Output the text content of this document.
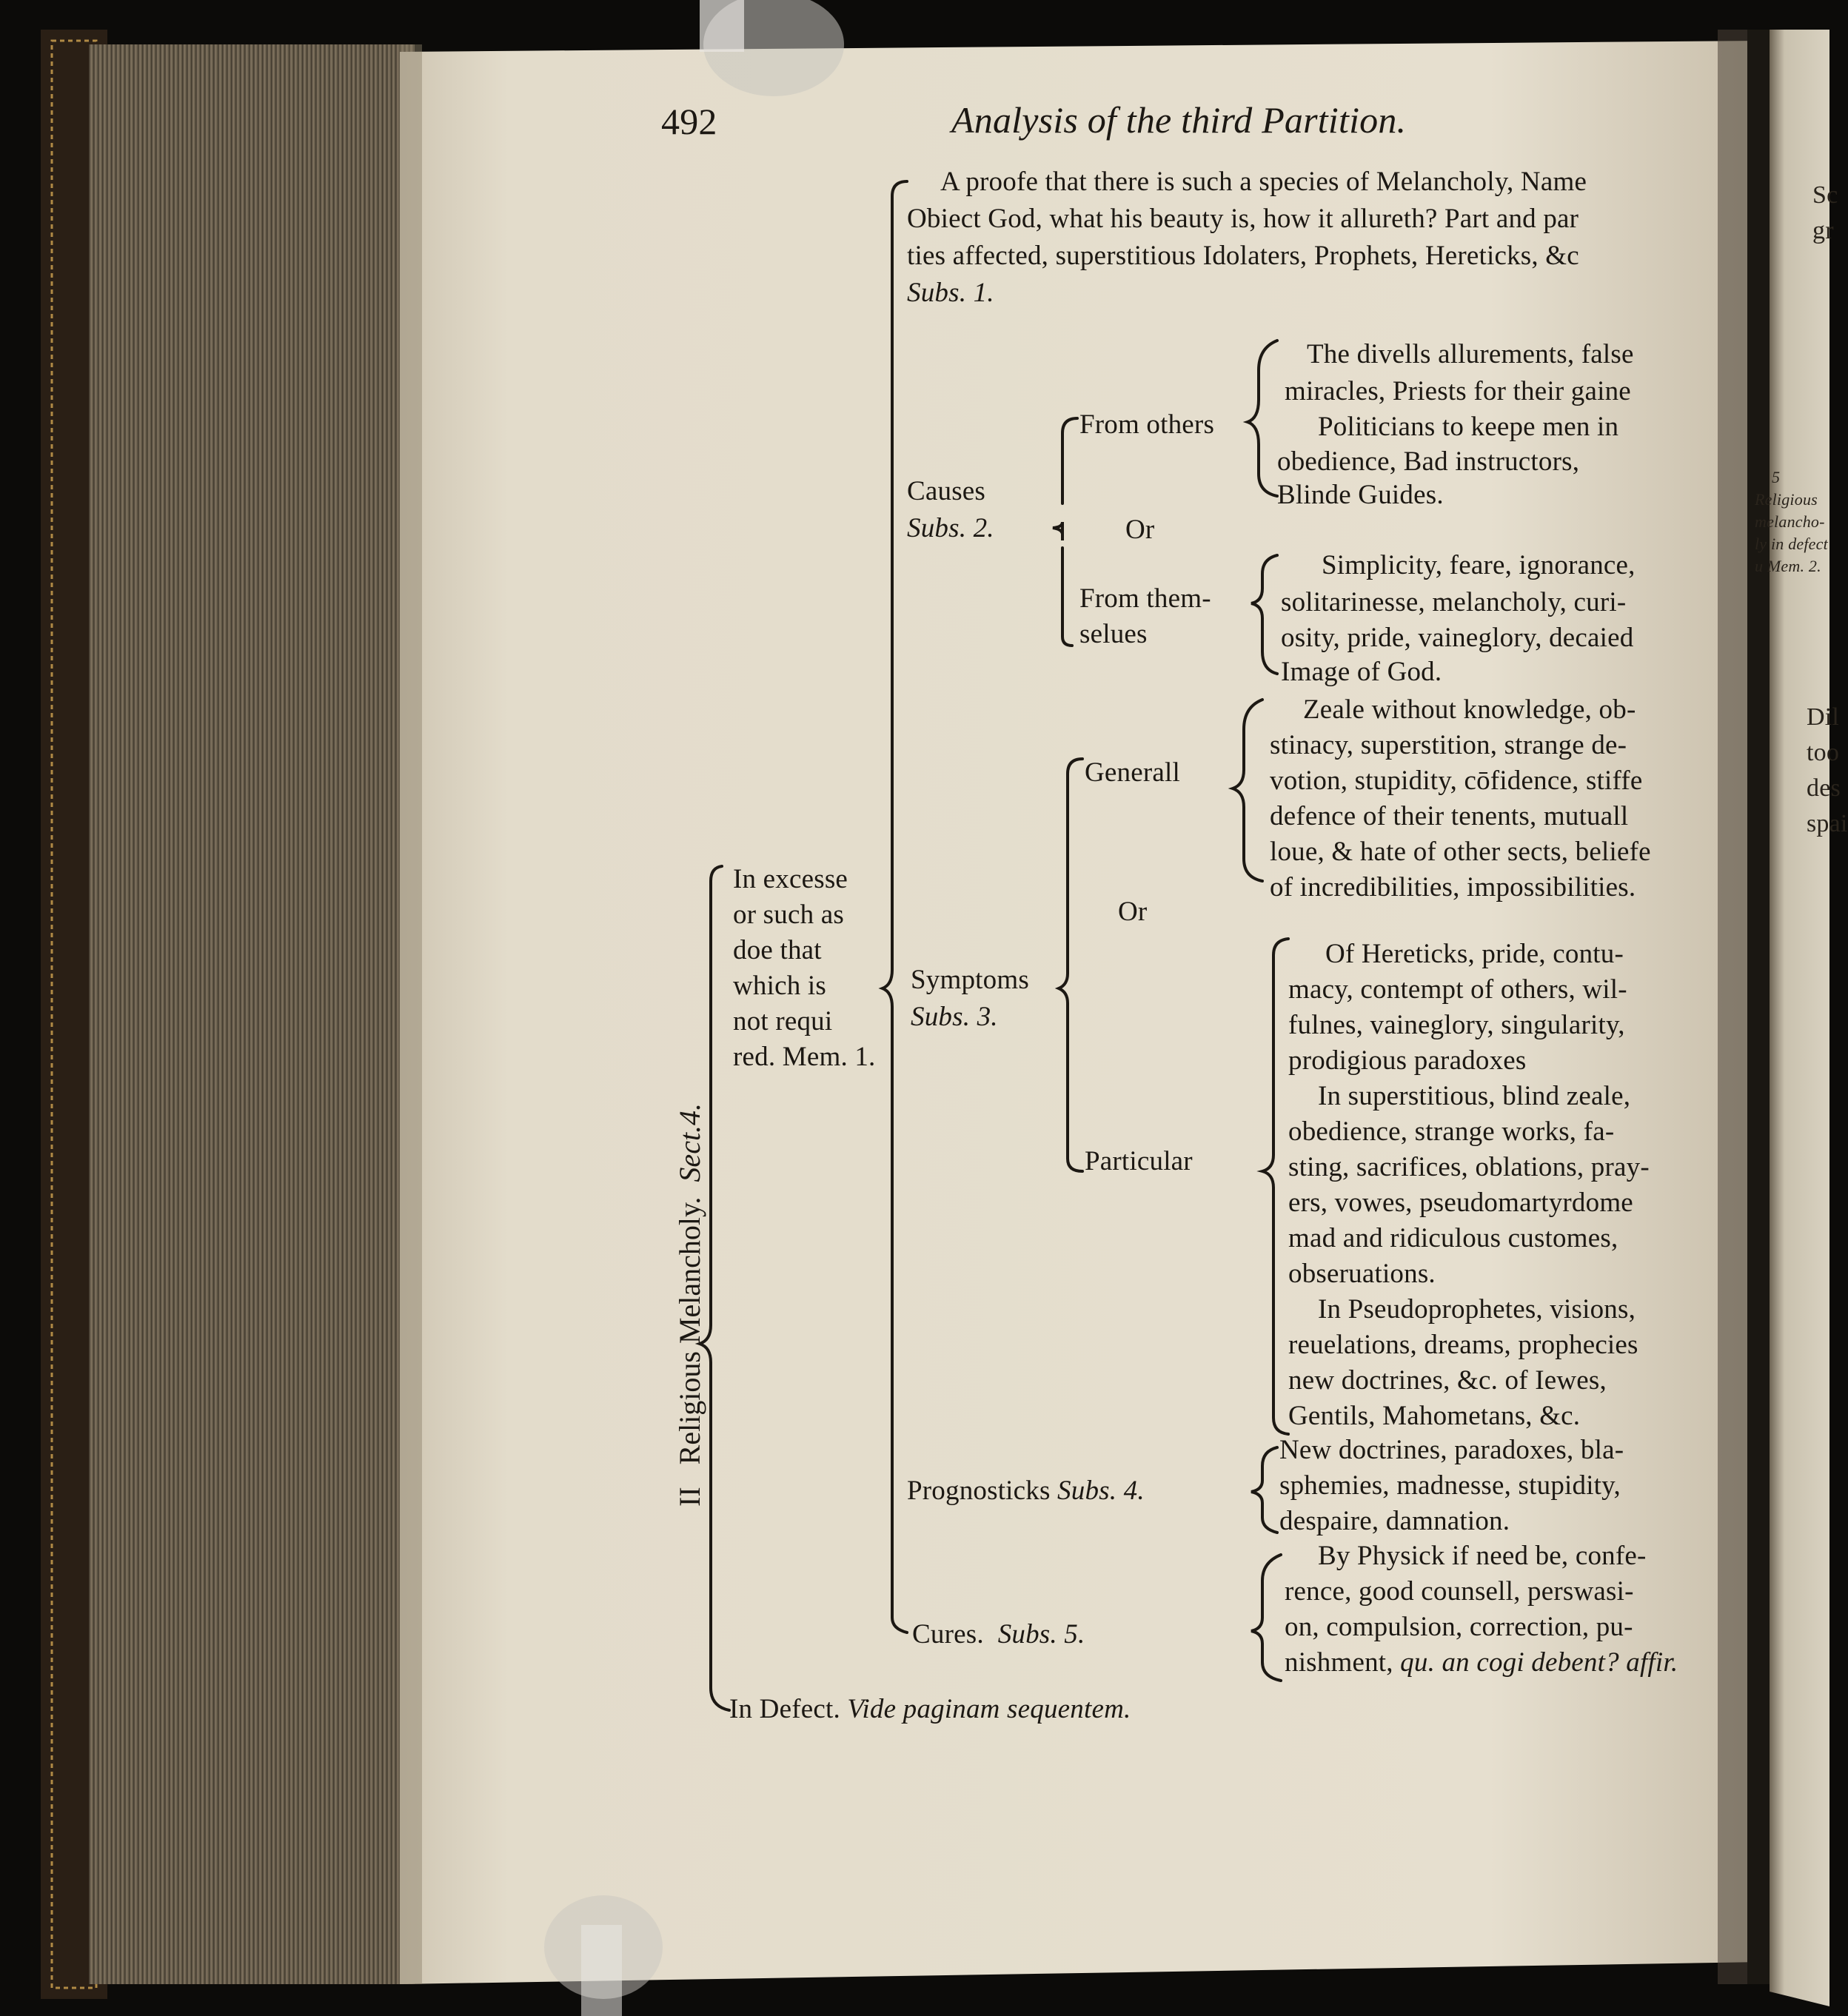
492	Analysis of the third Partition.
II   Religious Melancholy.  Sect.4.
In excesse
or such as
doe that
which is
not requi
red. Mem. 1.
In Defect. Vide paginam sequentem.
A proofe that there is such a species of Melancholy, Name
Obiect God, what his beauty is, how it allureth? Part and par
ties affected, superstitious Idolaters, Prophets, Hereticks, &c
Subs. 1.
Causes
Subs. 2.	Or
From others
From them-
selues
The divells allurements, false
miracles, Priests for their gaine
Politicians to keepe men in
obedience, Bad instructors,
Blinde Guides.
Simplicity, feare, ignorance,
solitarinesse, melancholy, curi-
osity, pride, vaineglory, decaied
Image of God.
Symptoms
Subs. 3.
Or
Generall
Particular
Zeale without knowledge, ob-
stinacy, superstition, strange de-
votion, stupidity, cōfidence, stiffe
defence of their tenents, mutuall
loue, & hate of other sects, beliefe
of incredibilities, impossibilities.
Of Hereticks, pride, contu-
macy, contempt of others, wil-
fulnes, vaineglory, singularity,
prodigious paradoxes
In superstitious, blind zeale,
obedience, strange works, fa-
sting, sacrifices, oblations, pray-
ers, vowes, pseudomartyrdome
mad and ridiculous customes,
obseruations.
In Pseudoprophetes, visions,
reuelations, dreams, prophecies
new doctrines, &c. of Iewes,
Gentils, Mahometans, &c.
Prognosticks Subs. 4.
New doctrines, paradoxes, bla-
sphemies, madnesse, stupidity,
despaire, damnation.
Cures. Subs. 5.
By Physick if need be, confe-
rence, good counsell, perswasi-
on, compulsion, correction, pu-
nishment, qu. an cogi debent? affir.
Sc
gr
5
Religious
melancho-
ly in defect
u Mem. 2.
Dil
too
des
spai
